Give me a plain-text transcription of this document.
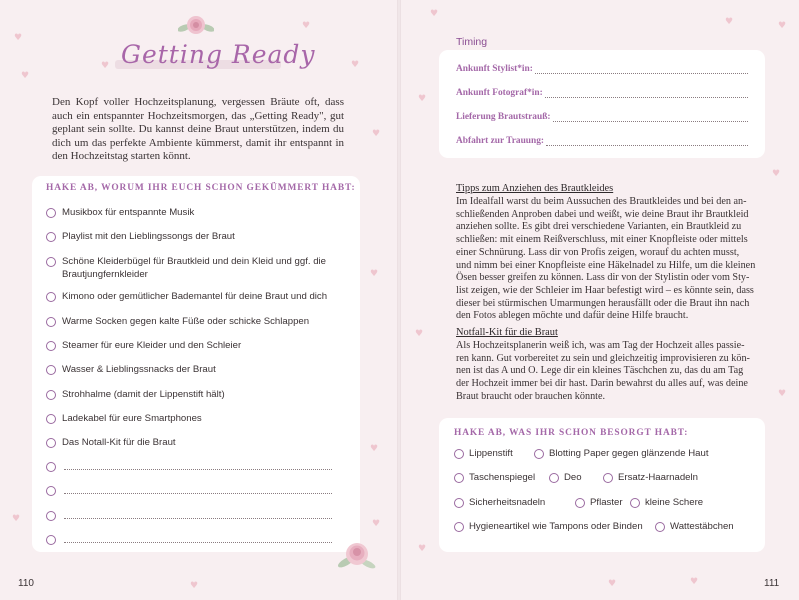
♥
♥
♥
♥
♥
♥
♥
♥
♥	♥
♥
♥
♥	♥
♥
♥
♥
♥
♥
♥	♥
Getting Ready
Den Kopf voller Hochzeitsplanung, vergessen Bräute oft, dass auch ein entspannter Hochzeitsmorgen, das „Getting Ready", gut geplant sein sollte. Du kannst deine Braut unterstützen, indem du dich um das perfekte Ambiente kümmerst, damit ihr entspannt in den Hochzeitstag starten könnt.
HAKE AB, WORUM IHR EUCH SCHON GEKÜMMERT HABT:
110
Timing
Tipps zum Anziehen des Brautkleides
Notfall-Kit für die Braut
HAKE AB, WAS IHR SCHON BESORGT HABT:
111
Musikbox für entspannte Musik
Playlist mit den Lieblingssongs der Braut
Schöne Kleiderbügel für Brautkleid und dein Kleid und ggf. die Brautjungfernkleider
Kimono oder gemütlicher Bademantel für deine Braut und dich
Warme Socken gegen kalte Füße oder schicke Schlappen
Steamer für eure Kleider und den Schleier
Wasser & Lieblingssnacks der Braut
Strohhalme (damit der Lippenstift hält)
Ladekabel für eure Smartphones
Das Notall-Kit für die Braut
Ankunft Stylist*in:
Ankunft Fotograf*in:
Lieferung Brautstrauß:
Abfahrt zur Trauung:
Im Idealfall warst du beim Aussuchen des Brautkleides und bei den an-
schließenden Anproben dabei und weißt, wie deine Braut ihr Brautkleid
anziehen sollte. Es gibt drei verschiedene Varianten, ein Brautkleid zu
schließen: mit einem Reißverschluss, mit einer Knopfleiste oder mittels
einer Schnürung. Lass dir von Profis zeigen, worauf du achten musst,
und nimm bei einer Knopfleiste eine Häkelnadel zu Hilfe, um die kleinen
Ösen besser greifen zu können. Lass dir von der Stylistin oder vom Sty-
list zeigen, wie der Schleier im Haar befestigt wird – es könnte sein, dass
dieser bei stürmischen Umarmungen herausfällt oder die Braut ihn nach
den Fotos ablegen möchte und dafür deine Hilfe braucht.
Als Hochzeitsplanerin weiß ich, was am Tag der Hochzeit alles passie-
ren kann. Gut vorbereitet zu sein und gleichzeitig improvisieren zu kön-
nen ist das A und O. Lege dir ein kleines Täschchen zu, das du am Tag
der Hochzeit immer bei dir hast. Darin bewahrst du alles auf, was deine
Braut braucht oder brauchen könnte.
Lippenstift	Blotting Paper gegen glänzende Haut
Taschenspiegel	Deo	Ersatz-Haarnadeln
Sicherheitsnadeln	Pflaster kleine Schere
Hygieneartikel wie Tampons oder Binden	Wattestäbchen
